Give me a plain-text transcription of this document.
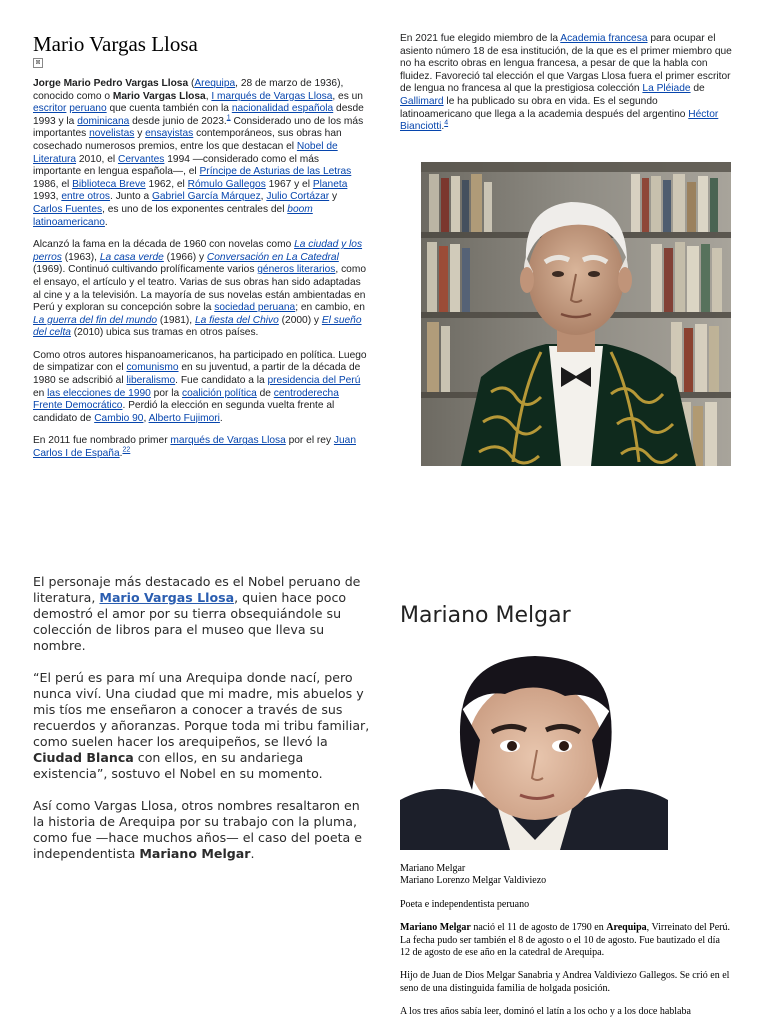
Mario Vargas Llosa
⊠

Jorge Mario Pedro Vargas Llosa (Arequipa, 28 de marzo de 1936), conocido como o Mario Vargas Llosa, I marqués de Vargas Llosa, es un escritor peruano que cuenta también con la nacionalidad española desde 1993 y la dominicana desde junio de 2023.$^1$ Considerado uno de los más importantes novelistas y ensayistas contemporáneos, sus obras han cosechado numerosos premios, entre los que destacan el Nobel de Literatura 2010, el Cervantes 1994 —considerado como el más importante en lengua española—, el Príncipe de Asturias de las Letras 1986, el Biblioteca Breve 1962, el Rómulo Gallegos 1967 y el Planeta 1993, entre otros. Junto a Gabriel García Márquez, Julio Cortázar y Carlos Fuentes, es uno de los exponentes centrales del boom latinoamericano.

Alcanzó la fama en la década de 1960 con novelas como La ciudad y los perros (1963), La casa verde (1966) y Conversación en La Catedral (1969). Continuó cultivando prolíficamente varios géneros literarios, como el ensayo, el artículo y el teatro. Varias de sus obras han sido adaptadas al cine y a la televisión. La mayoría de sus novelas están ambientadas en Perú y exploran su concepción sobre la sociedad peruana; en cambio, en La guerra del fin del mundo (1981), La fiesta del Chivo (2000) y El sueño del celta (2010) ubica sus tramas en otros países.

Como otros autores hispanoamericanos, ha participado en política. Luego de simpatizar con el comunismo en su juventud, a partir de la década de 1980 se adscribió al liberalismo. Fue candidato a la presidencia del Perú en las elecciones de 1990 por la coalición política de centroderecha Frente Democrático. Perdió la elección en segunda vuelta frente al candidato de Cambio 90, Alberto Fujimori.

En 2011 fue nombrado primer marqués de Vargas Llosa por el rey Juan Carlos I de España.$^{22}$

En 2021 fue elegido miembro de la Academia francesa para ocupar el asiento número 18 de esa institución, de la que es el primer miembro que no ha escrito obras en lengua francesa, a pesar de que la habla con fluidez. Favoreció tal elección el que Vargas Llosa fuera el primer escritor de lengua no francesa al que la prestigiosa colección La Pléiade de Gallimard le ha publicado su obra en vida. Es el segundo latinoamericano que llega a la academia después del argentino Héctor Bianciotti.$^4$

El personaje más destacado es el Nobel peruano de literatura, Mario Vargas Llosa, quien hace poco demostró el amor por su tierra obsequiándole su colección de libros para el museo que lleva su nombre.

“El perú es para mí una Arequipa donde nací, pero nunca viví. Una ciudad que mi madre, mis abuelos y mis tíos me enseñaron a conocer a través de sus recuerdos y añoranzas. Porque toda mi tribu familiar, como suelen hacer los arequipeños, se llevó la Ciudad Blanca con ellos, en su andariega existencia”, sostuvo el Nobel en su momento.

Así como Vargas Llosa, otros nombres resaltaron en la historia de Arequipa por su trabajo con la pluma, como fue —hace muchos años— el caso del poeta e independentista Mariano Melgar.

Mariano Melgar

Mariano Melgar
Mariano Lorenzo Melgar Valdiviezo

Poeta e independentista peruano

Mariano Melgar nació el 11 de agosto de 1790 en Arequipa, Virreinato del Perú. La fecha pudo ser también el 8 de agosto o el 10 de agosto. Fue bautizado el día 12 de agosto de ese año en la catedral de Arequipa.

Hijo de Juan de Dios Melgar Sanabria y Andrea Valdiviezo Gallegos. Se crió en el seno de una distinguida familia de holgada posición.

A los tres años sabía leer, dominó el latín a los ocho y a los doce hablaba
